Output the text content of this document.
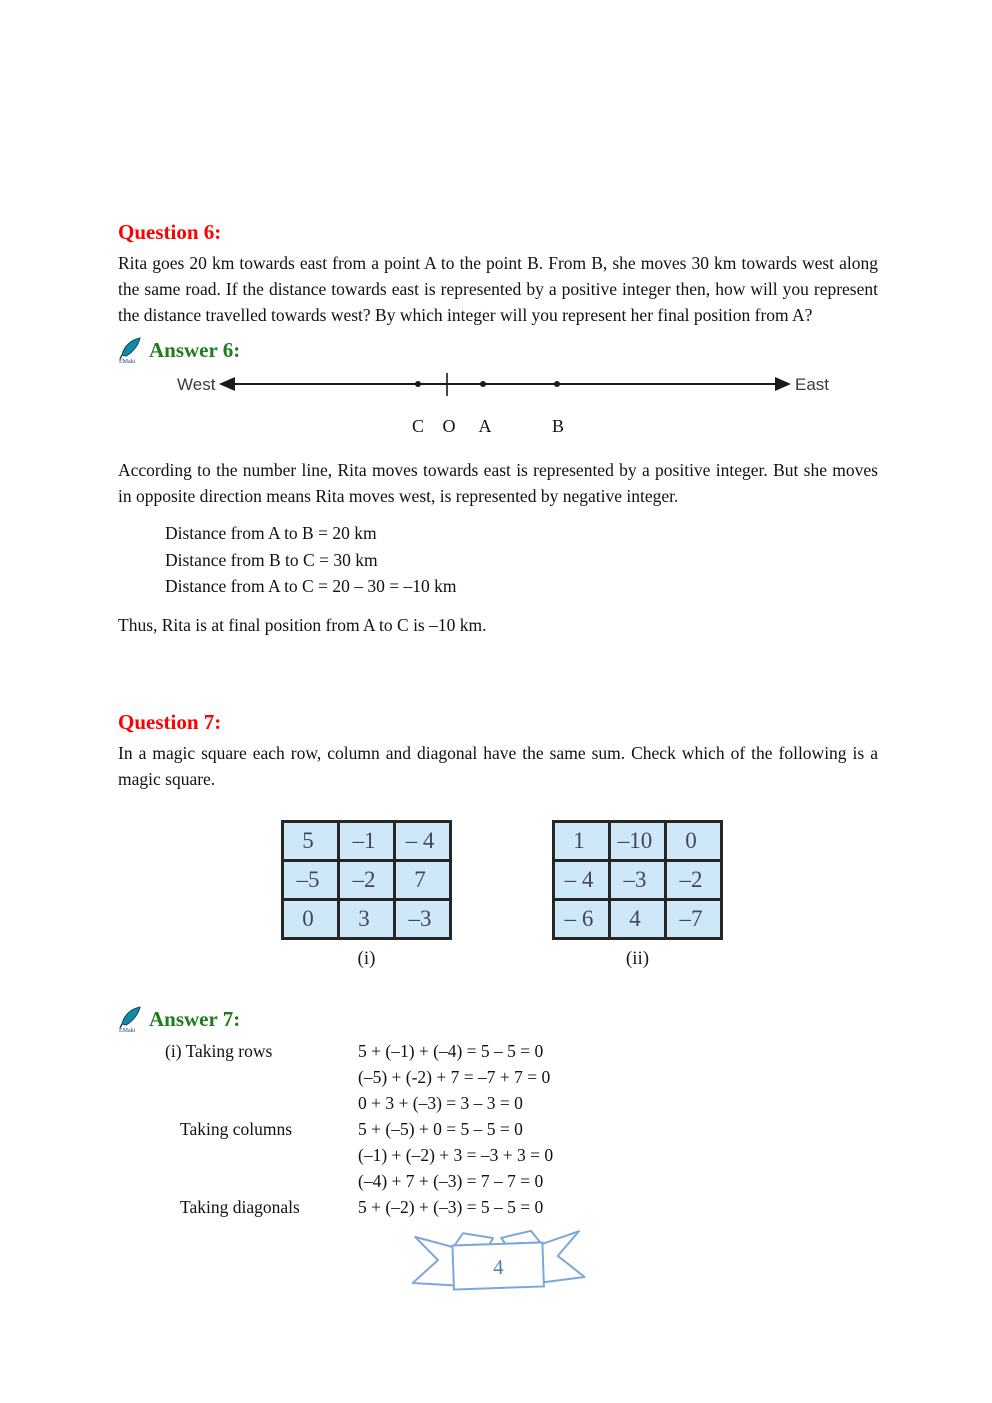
Question 6:

Rita goes 20 km towards east from a point A to the point B. From B, she moves 30 km towards west along the same road. If the distance towards east is represented by a positive integer then, how will you represent the distance travelled towards west? By which integer will you represent her final position from A?

EMaki Answer 6:
West
C O A	B
East

According to the number line, Rita moves towards east is represented by a positive integer. But she moves in opposite direction means Rita moves west, is represented by negative integer.

Distance from A to B = 20 km
Distance from B to C = 30 km
Distance from A to C = 20 – 30 = –10 km

Thus, Rita is at final position from A to C is –10 km.

Question 7:

In a magic square each row, column and diagonal have the same sum. Check which of the following is a magic square.

5	–1	– 4
–5	–2	7
0	3	–3
(i)
1	–10	0
– 4	–3	–2
– 6	4	–7
(ii)
EMaki Answer 7:
(i) Taking rows	5 + (–1) + (–4) = 5 – 5 = 0
(–5) + (-2) + 7 = –7 + 7 = 0
0 + 3 + (–3) = 3 – 3 = 0
Taking columns	5 + (–5) + 0 = 5 – 5 = 0
(–1) + (–2) + 3 = –3 + 3 = 0
(–4) + 7 + (–3) = 7 – 7 = 0
Taking diagonals	5 + (–2) + (–3) = 5 – 5 = 0
4
